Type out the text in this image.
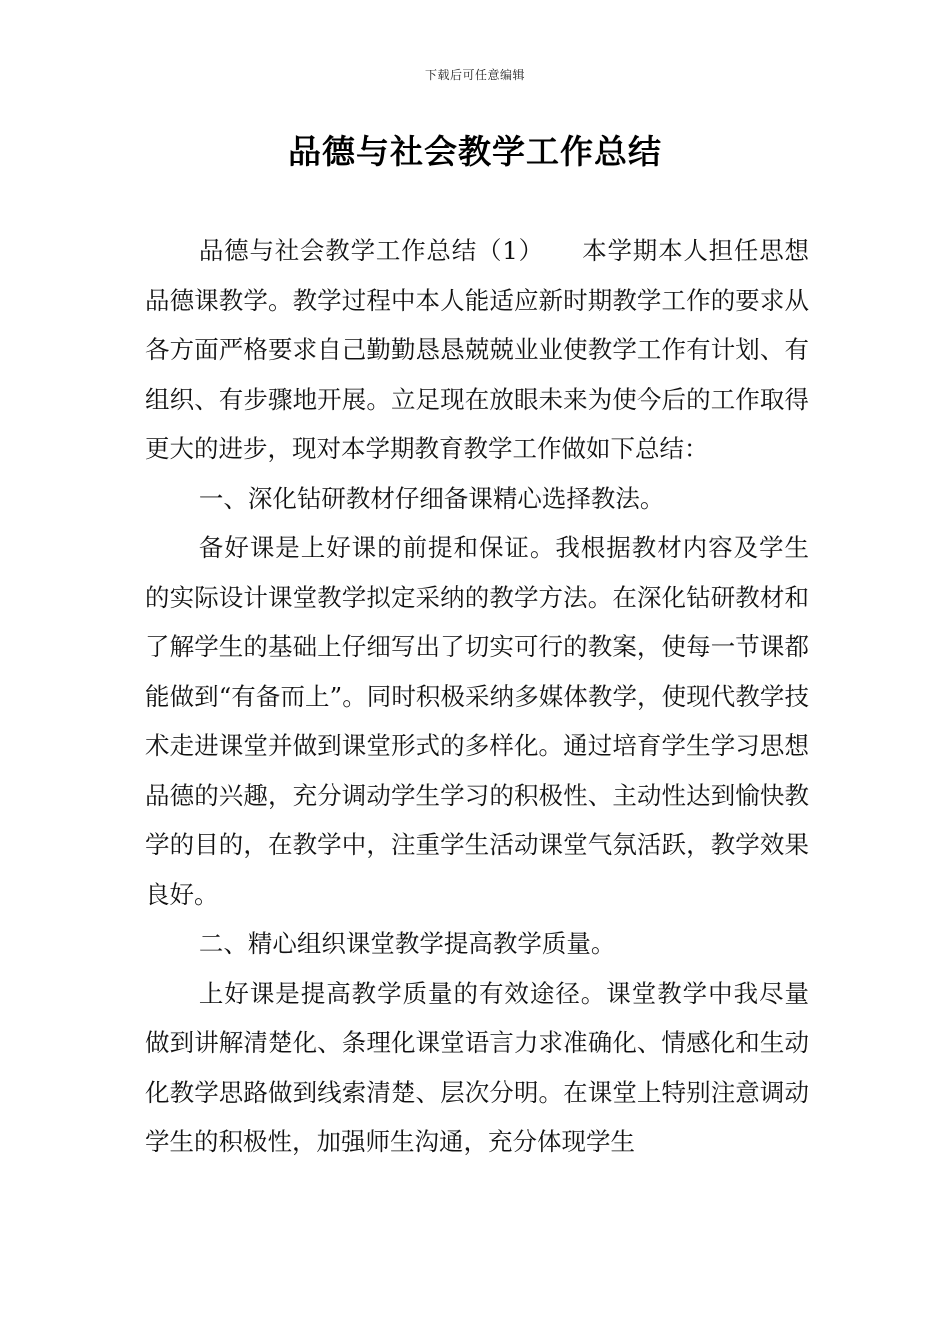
下载后可任意编辑
品德与社会教学工作总结

品德与社会教学工作总结（1）　　本学期本人担任思想品德课教学。教学过程中本人能适应新时期教学工作的要求从各方面严格要求自己勤勤恳恳兢兢业业使教学工作有计划、有组织、有步骤地开展。立足现在放眼未来为使今后的工作取得更大的进步，现对本学期教育教学工作做如下总结：

一、深化钻研教材仔细备课精心选择教法。

备好课是上好课的前提和保证。我根据教材内容及学生的实际设计课堂教学拟定采纳的教学方法。在深化钻研教材和了解学生的基础上仔细写出了切实可行的教案，使每一节课都能做到“有备而上”。同时积极采纳多媒体教学，使现代教学技术走进课堂并做到课堂形式的多样化。通过培育学生学习思想品德的兴趣，充分调动学生学习的积极性、主动性达到愉快教学的目的，在教学中，注重学生活动课堂气氛活跃，教学效果良好。

二、精心组织课堂教学提高教学质量。

上好课是提高教学质量的有效途径。课堂教学中我尽量做到讲解清楚化、条理化课堂语言力求准确化、情感化和生动化教学思路做到线索清楚、层次分明。在课堂上特别注意调动学生的积极性，加强师生沟通，充分体现学生
